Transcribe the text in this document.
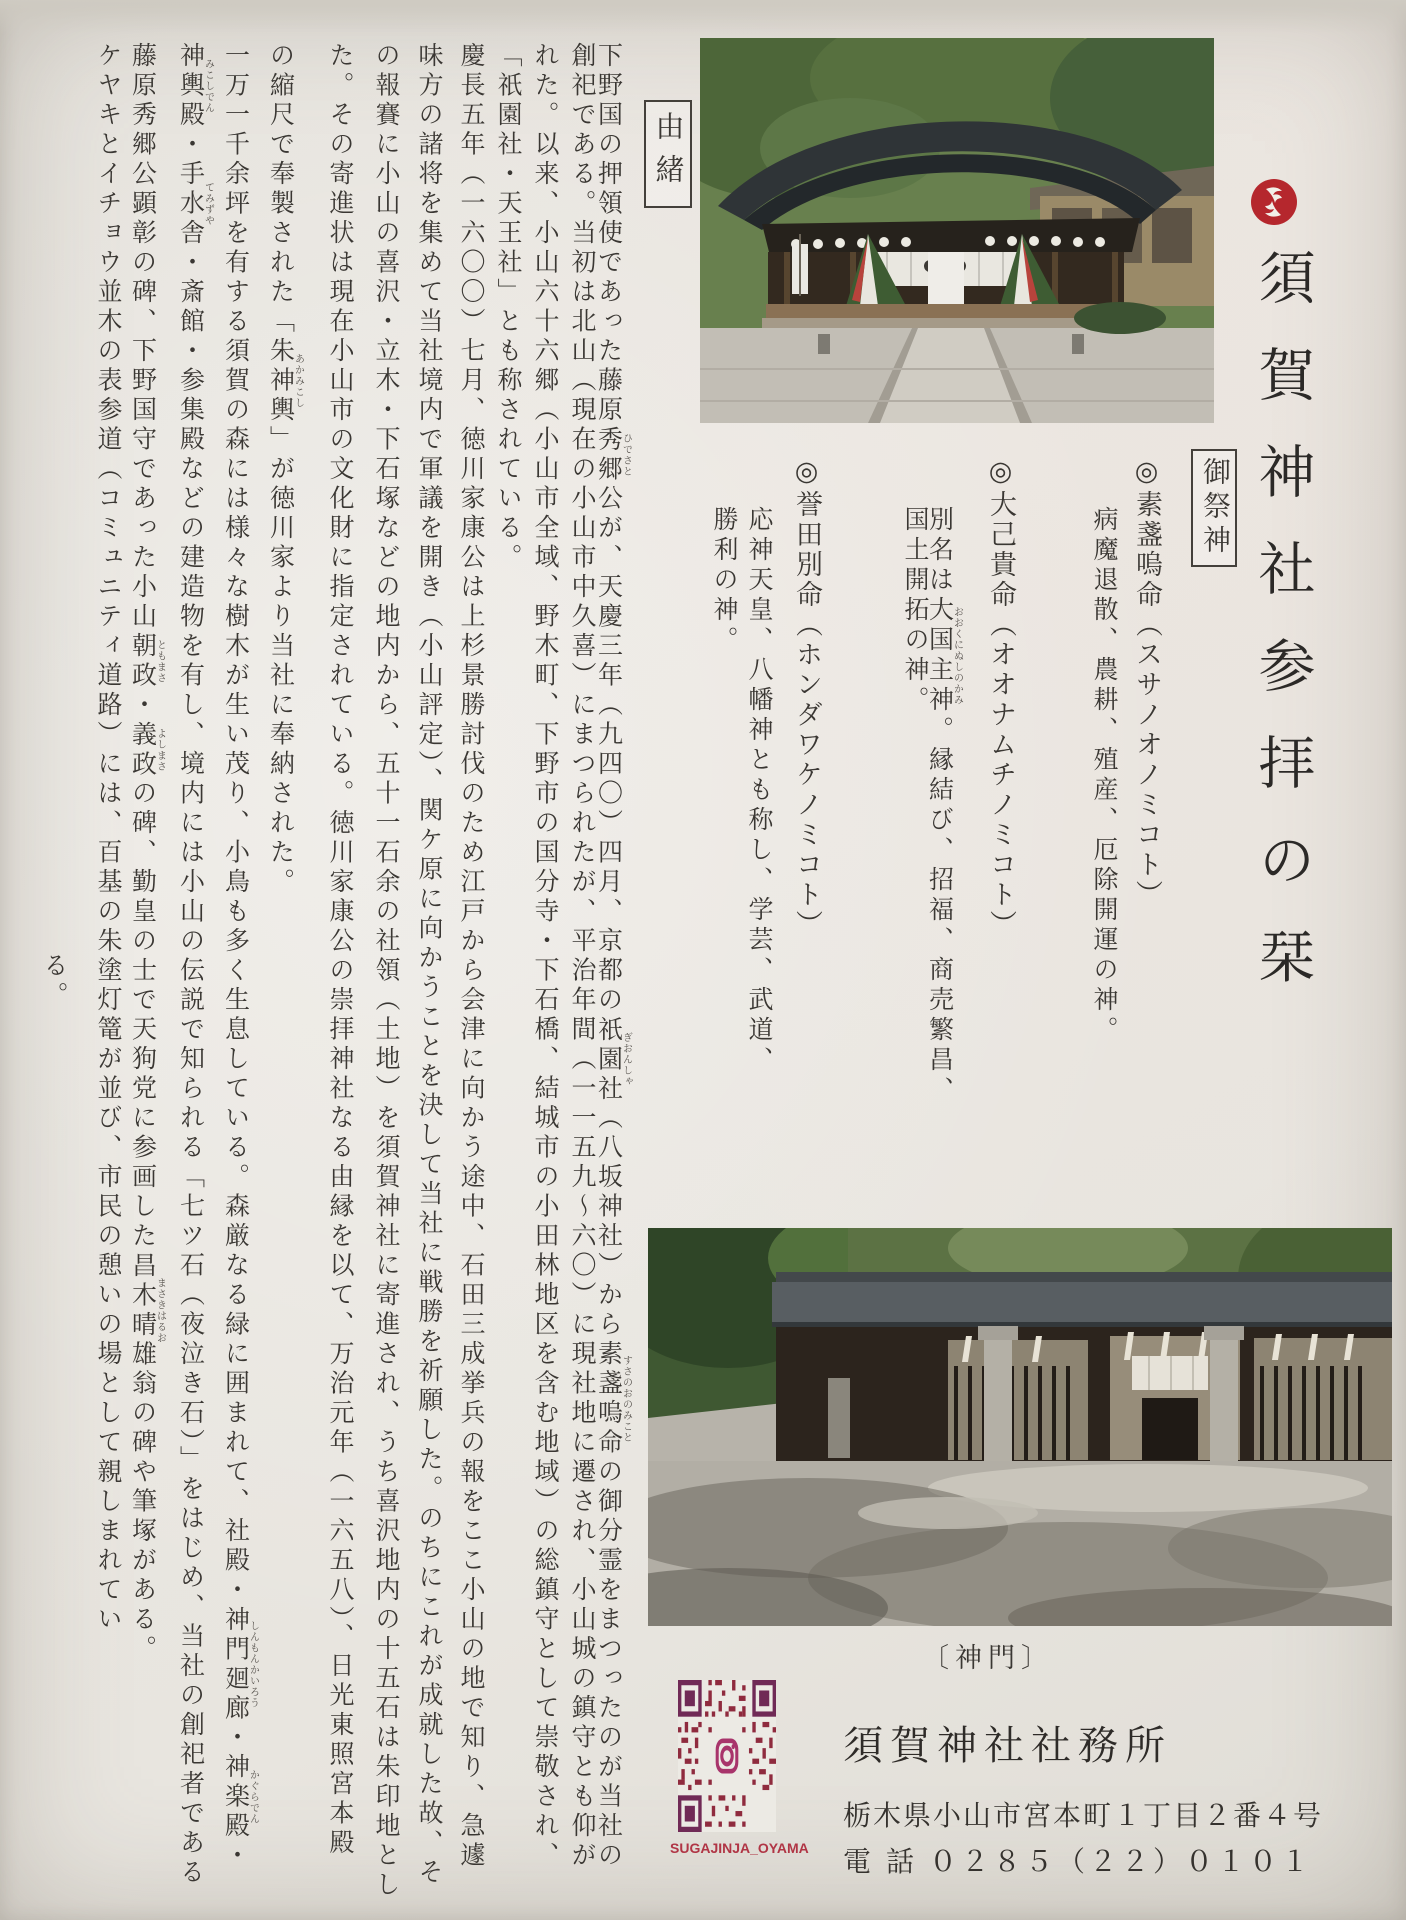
須賀神社参拝の栞
御祭神
◎素盞嗚命（スサノオノミコト）
病魔退散、農耕、殖産、厄除開運の神。
◎大己貴命（オオナムチノミコト）
別名は大国主神 おおくにぬしのかみ。縁結び、招福、商売繁昌、
国土開拓の神。
◎誉田別命（ホンダワケノミコト）
応神天皇、八幡神とも称し、学芸、武道、
勝利の神。
由緒
下野国の押領使であった藤原秀郷 ひでさと公が、天慶三年（九四〇）四月、京都の祇園社 ぎおんしゃ（八坂神社）から素盞嗚命 すさのおのみことの御分霊をまつったのが当社の
創祀である。当初は北山（現在の小山市中久喜）にまつられたが、平治年間（一一五九～六〇）に現社地に遷され、小山城の鎮守とも仰が
れた。以来、小山六十六郷（小山市全域、野木町、下野市の国分寺・下石橋、結城市の小田林地区を含む地域）の総鎮守として崇敬され、
「祇園社・天王社」とも称されている。
慶長五年（一六〇〇）七月、徳川家康公は上杉景勝討伐のため江戸から会津に向かう途中、石田三成挙兵の報をここ小山の地で知り、急遽
味方の諸将を集めて当社境内で軍議を開き（小山評定）、関ケ原に向かうことを決して当社に戦勝を祈願した。のちにこれが成就した故、そ
の報賽に小山の喜沢・立木・下石塚などの地内から、五十一石余の社領（土地）を須賀神社に寄進され、うち喜沢地内の十五石は朱印地とし
た。その寄進状は現在小山市の文化財に指定されている。徳川家康公の崇拝神社なる由縁を以て、万治元年（一六五八）、日光東照宮本殿
の縮尺で奉製された「朱神輿 あかみこし」が徳川家より当社に奉納された。
一万一千余坪を有する須賀の森には様々な樹木が生い茂り、小鳥も多く生息している。森厳なる緑に囲まれて、社殿・神門廻廊 しんもんかいろう・神楽殿 かぐらでん・
神輿殿 みこしでん・手水舎 てみずや・斎館・参集殿などの建造物を有し、境内には小山の伝説で知られる「七ツ石（夜泣き石）」をはじめ、当社の創祀者である
藤原秀郷公顕彰の碑、下野国守であった小山朝政 ともまさ・義政 よしまさの碑、勤皇の士で天狗党に参画した昌木晴雄 まさきはるお翁の碑や筆塚がある。
ケヤキとイチョウ並木の表参道（コミュニティ道路）には、百基の朱塗灯篭が並び、市民の憩いの場として親しまれてい
る。
〔神門〕
SUGAJINJA_OYAMA
須賀神社社務所
栃木県小山市宮本町１丁目２番４号
電 話 ０２８５（２２）０１０１
